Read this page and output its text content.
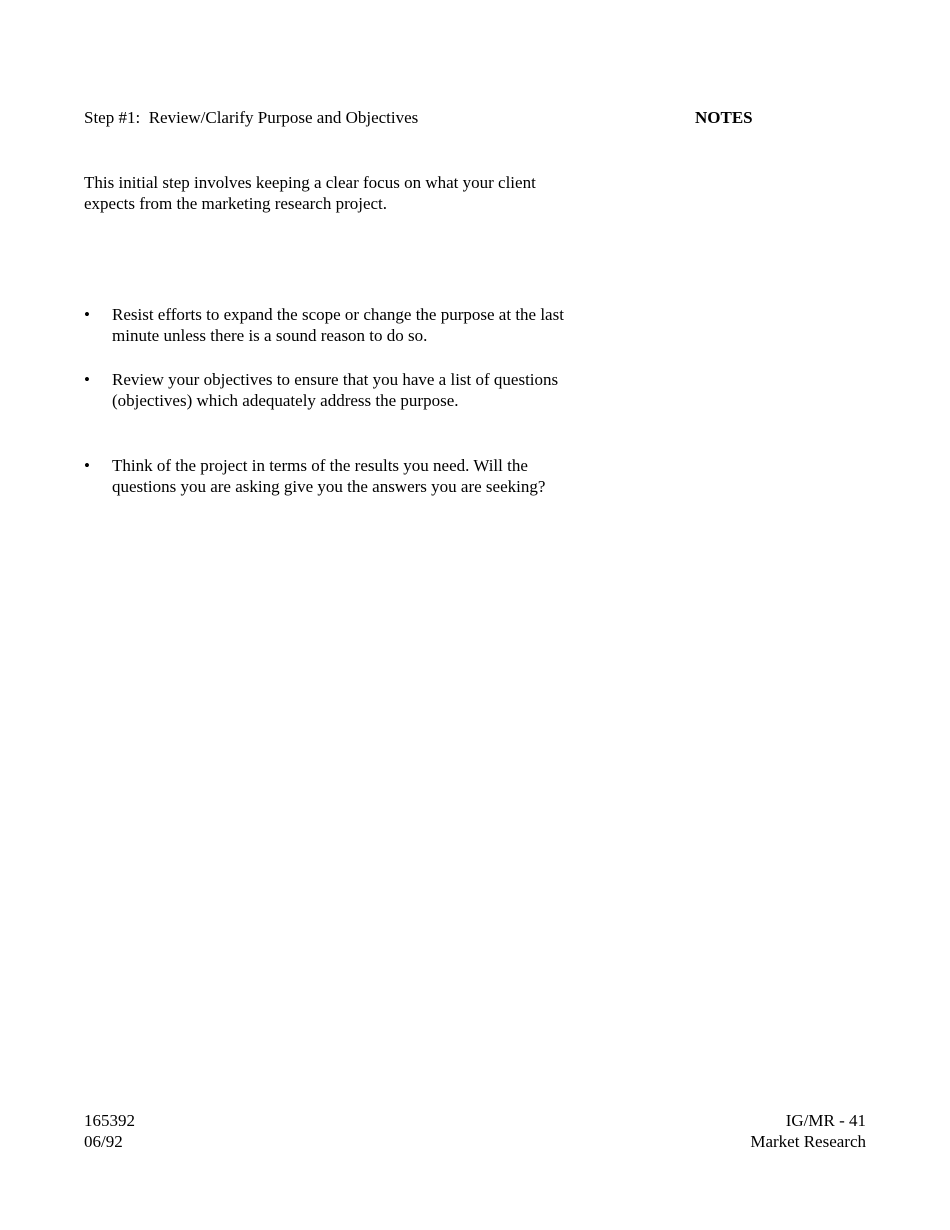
Step #1:  Review/Clarify Purpose and Objectives	NOTES

This initial step involves keeping a clear focus on what your client expects from the marketing research project.

• Resist efforts to expand the scope or change the purpose at the last minute unless there is a sound reason to do so.
• Review your objectives to ensure that you have a list of questions (objectives) which adequately address the purpose.
• Think of the project in terms of the results you need. Will the questions you are asking give you the answers you are seeking?
165392
06/92
IG/MR - 41
Market Research
